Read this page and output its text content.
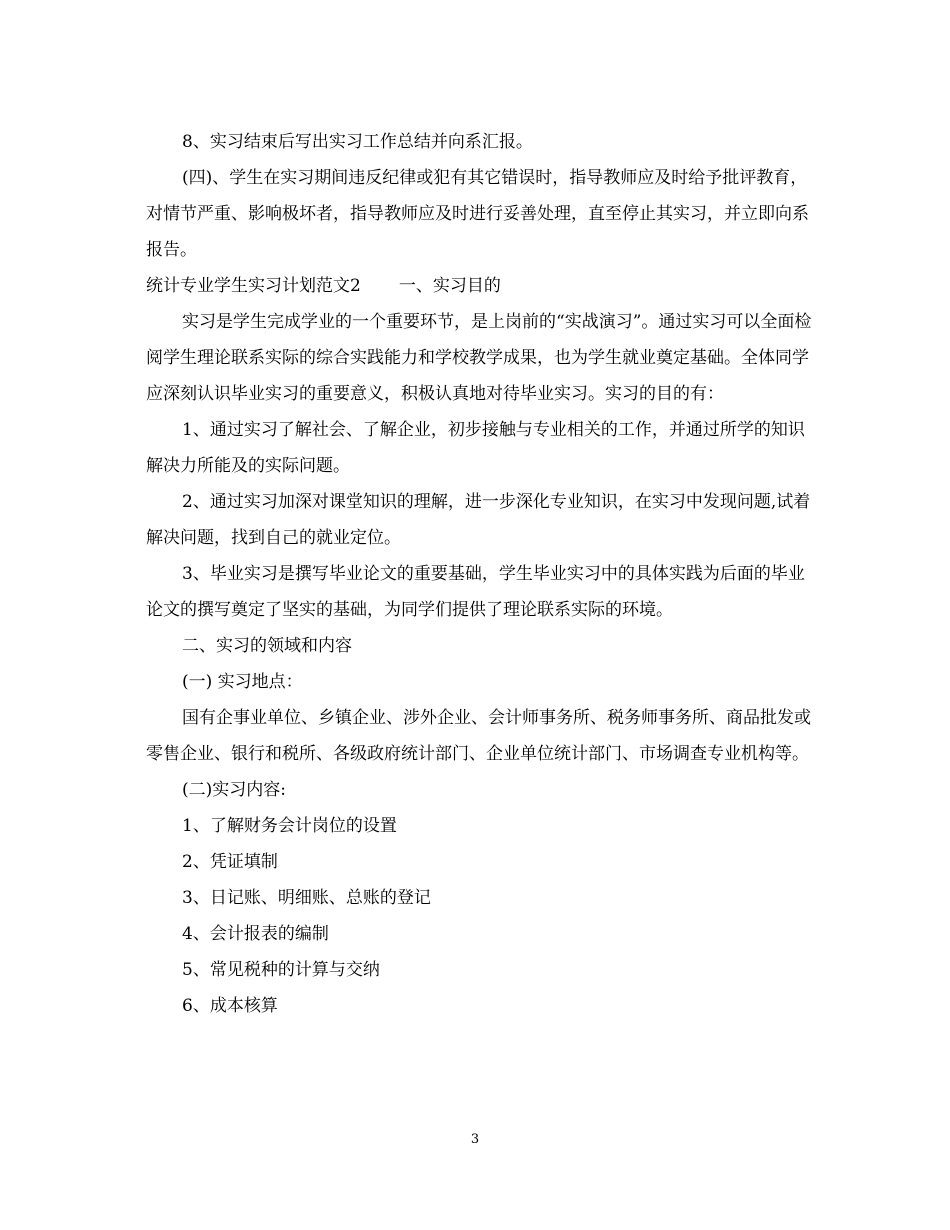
8、实习结束后写出实习工作总结并向系汇报。

(四)、学生在实习期间违反纪律或犯有其它错误时，指导教师应及时给予批评教育，对情节严重、影响极坏者，指导教师应及时进行妥善处理，直至停止其实习，并立即向系报告。

统计专业学生实习计划范文2 一、实习目的

实习是学生完成学业的一个重要环节，是上岗前的“实战演习”。通过实习可以全面检阅学生理论联系实际的综合实践能力和学校教学成果，也为学生就业奠定基础。全体同学应深刻认识毕业实习的重要意义，积极认真地对待毕业实习。实习的目的有：

1、通过实习了解社会、了解企业，初步接触与专业相关的工作，并通过所学的知识解决力所能及的实际问题。

2、通过实习加深对课堂知识的理解，进一步深化专业知识，在实习中发现问题,试着解决问题，找到自己的就业定位。

3、毕业实习是撰写毕业论文的重要基础，学生毕业实习中的具体实践为后面的毕业论文的撰写奠定了坚实的基础，为同学们提供了理论联系实际的环境。

二、实习的领域和内容

(一) 实习地点：

国有企事业单位、乡镇企业、涉外企业、会计师事务所、税务师事务所、商品批发或零售企业、银行和税所、各级政府统计部门、企业单位统计部门、市场调查专业机构等。

(二)实习内容:

1、了解财务会计岗位的设置

2、凭证填制

3、日记账、明细账、总账的登记

4、会计报表的编制

5、常见税种的计算与交纳

6、成本核算

3
